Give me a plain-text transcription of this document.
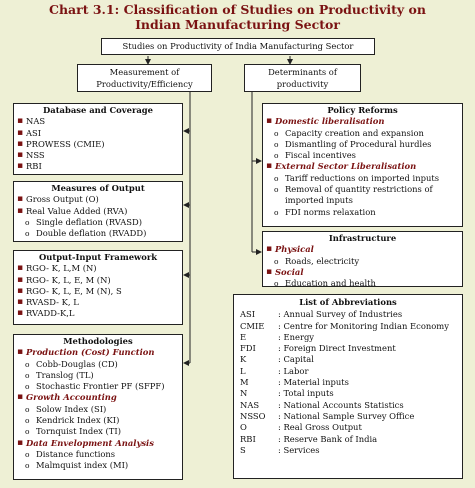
Chart 3.1: Classification of Studies on Productivity on
Indian Manufacturing Sector
Studies on Productivity of India Manufacturing Sector
Measurement of Productivity/Efficiency
Determinants of productivity
Database and Coverage
▪ NAS
▪ ASI
▪ PROWESS (CMIE)
▪ NSS
▪ RBI
Measures of Output
▪ Gross Output (O)
▪ Real Value Added (RVA)
o Single deflation (RVASD)
o Double deflation (RVADD)
Output-Input Framework
▪ RGO- K, L,M (N)
▪ RGO- K, L, E, M (N)
▪ RGO- K, L, E, M (N), S
▪ RVASD- K, L
▪ RVADD-K,L
Methodologies
▪ Production (Cost) Function
o Cobb-Douglas (CD)
o Translog (TL)
o Stochastic Frontier PF (SFPF)
▪ Growth Accounting
o Solow Index (SI)
o Kendrick Index (KI)
o Tornquist Index (TI)
▪ Data Envelopment Analysis
o Distance functions
o Malmquist index (MI)
Policy Reforms
▪ Domestic liberalisation
o Capacity creation and expansion
o Dismantling of Procedural hurdles
o Fiscal incentives
▪ External Sector Liberalisation
o Tariff reductions on imported inputs
o Removal of quantity restrictions of imported inputs
o FDI norms relaxation
Infrastructure
▪ Physical
o Roads, electricity
▪ Social
o Education and health
List of Abbreviations
ASI	: Annual Survey of Industries
CMIE	: Centre for Monitoring Indian Economy
E	: Energy
FDI	: Foreign Direct Investment
K	: Capital
L	: Labor
M	: Material inputs
N	: Total inputs
NAS	: National Accounts Statistics
NSSO	: National Sample Survey Office
O	: Real Gross Output
RBI	: Reserve Bank of India
S	: Services
